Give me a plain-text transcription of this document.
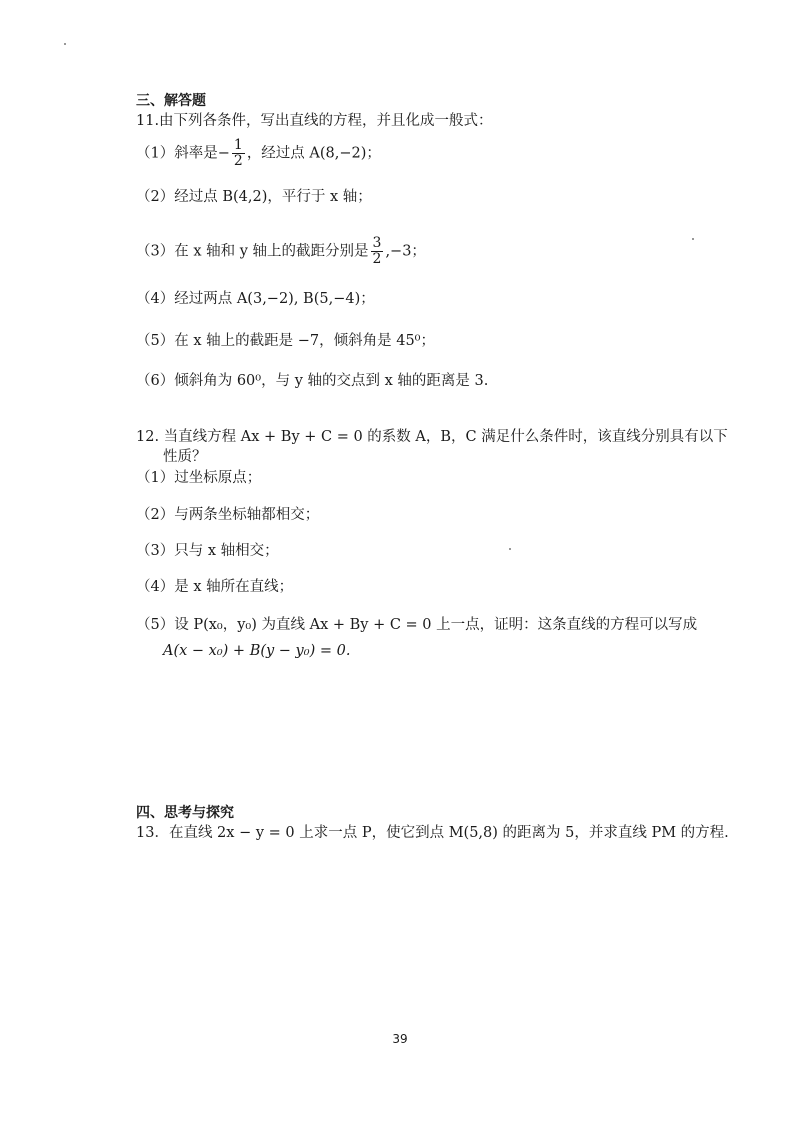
三、解答题
11.由下列各条件，写出直线的方程，并且化成一般式：
（1）斜率是− $\frac{1}{2}$ ，经过点 A(8,−2)；
（2）经过点 B(4,2)，平行于 x 轴；
（3）在 x 轴和 y 轴上的截距分别是 $\frac{3}{2} ,-3$；
（4）经过两点 A(3,−2), B(5,−4)；
（5）在 x 轴上的截距是 −7，倾斜角是 45⁰；
（6）倾斜角为 60⁰，与 y 轴的交点到 x 轴的距离是 3.
12. 当直线方程 Ax + By + C = 0 的系数 A，B，C 满足什么条件时，该直线分别具有以下
性质？
（1）过坐标原点；
（2）与两条坐标轴都相交；
（3）只与 x 轴相交；
（4）是 x 轴所在直线；
（5）设 P(x₀，y₀) 为直线 Ax + By + C = 0 上一点，证明：这条直线的方程可以写成
A(x − x₀) + B(y − y₀) = 0.
四、思考与探究
13．在直线 2x − y = 0 上求一点 P，使它到点 M(5,8) 的距离为 5，并求直线 PM 的方程.
39
